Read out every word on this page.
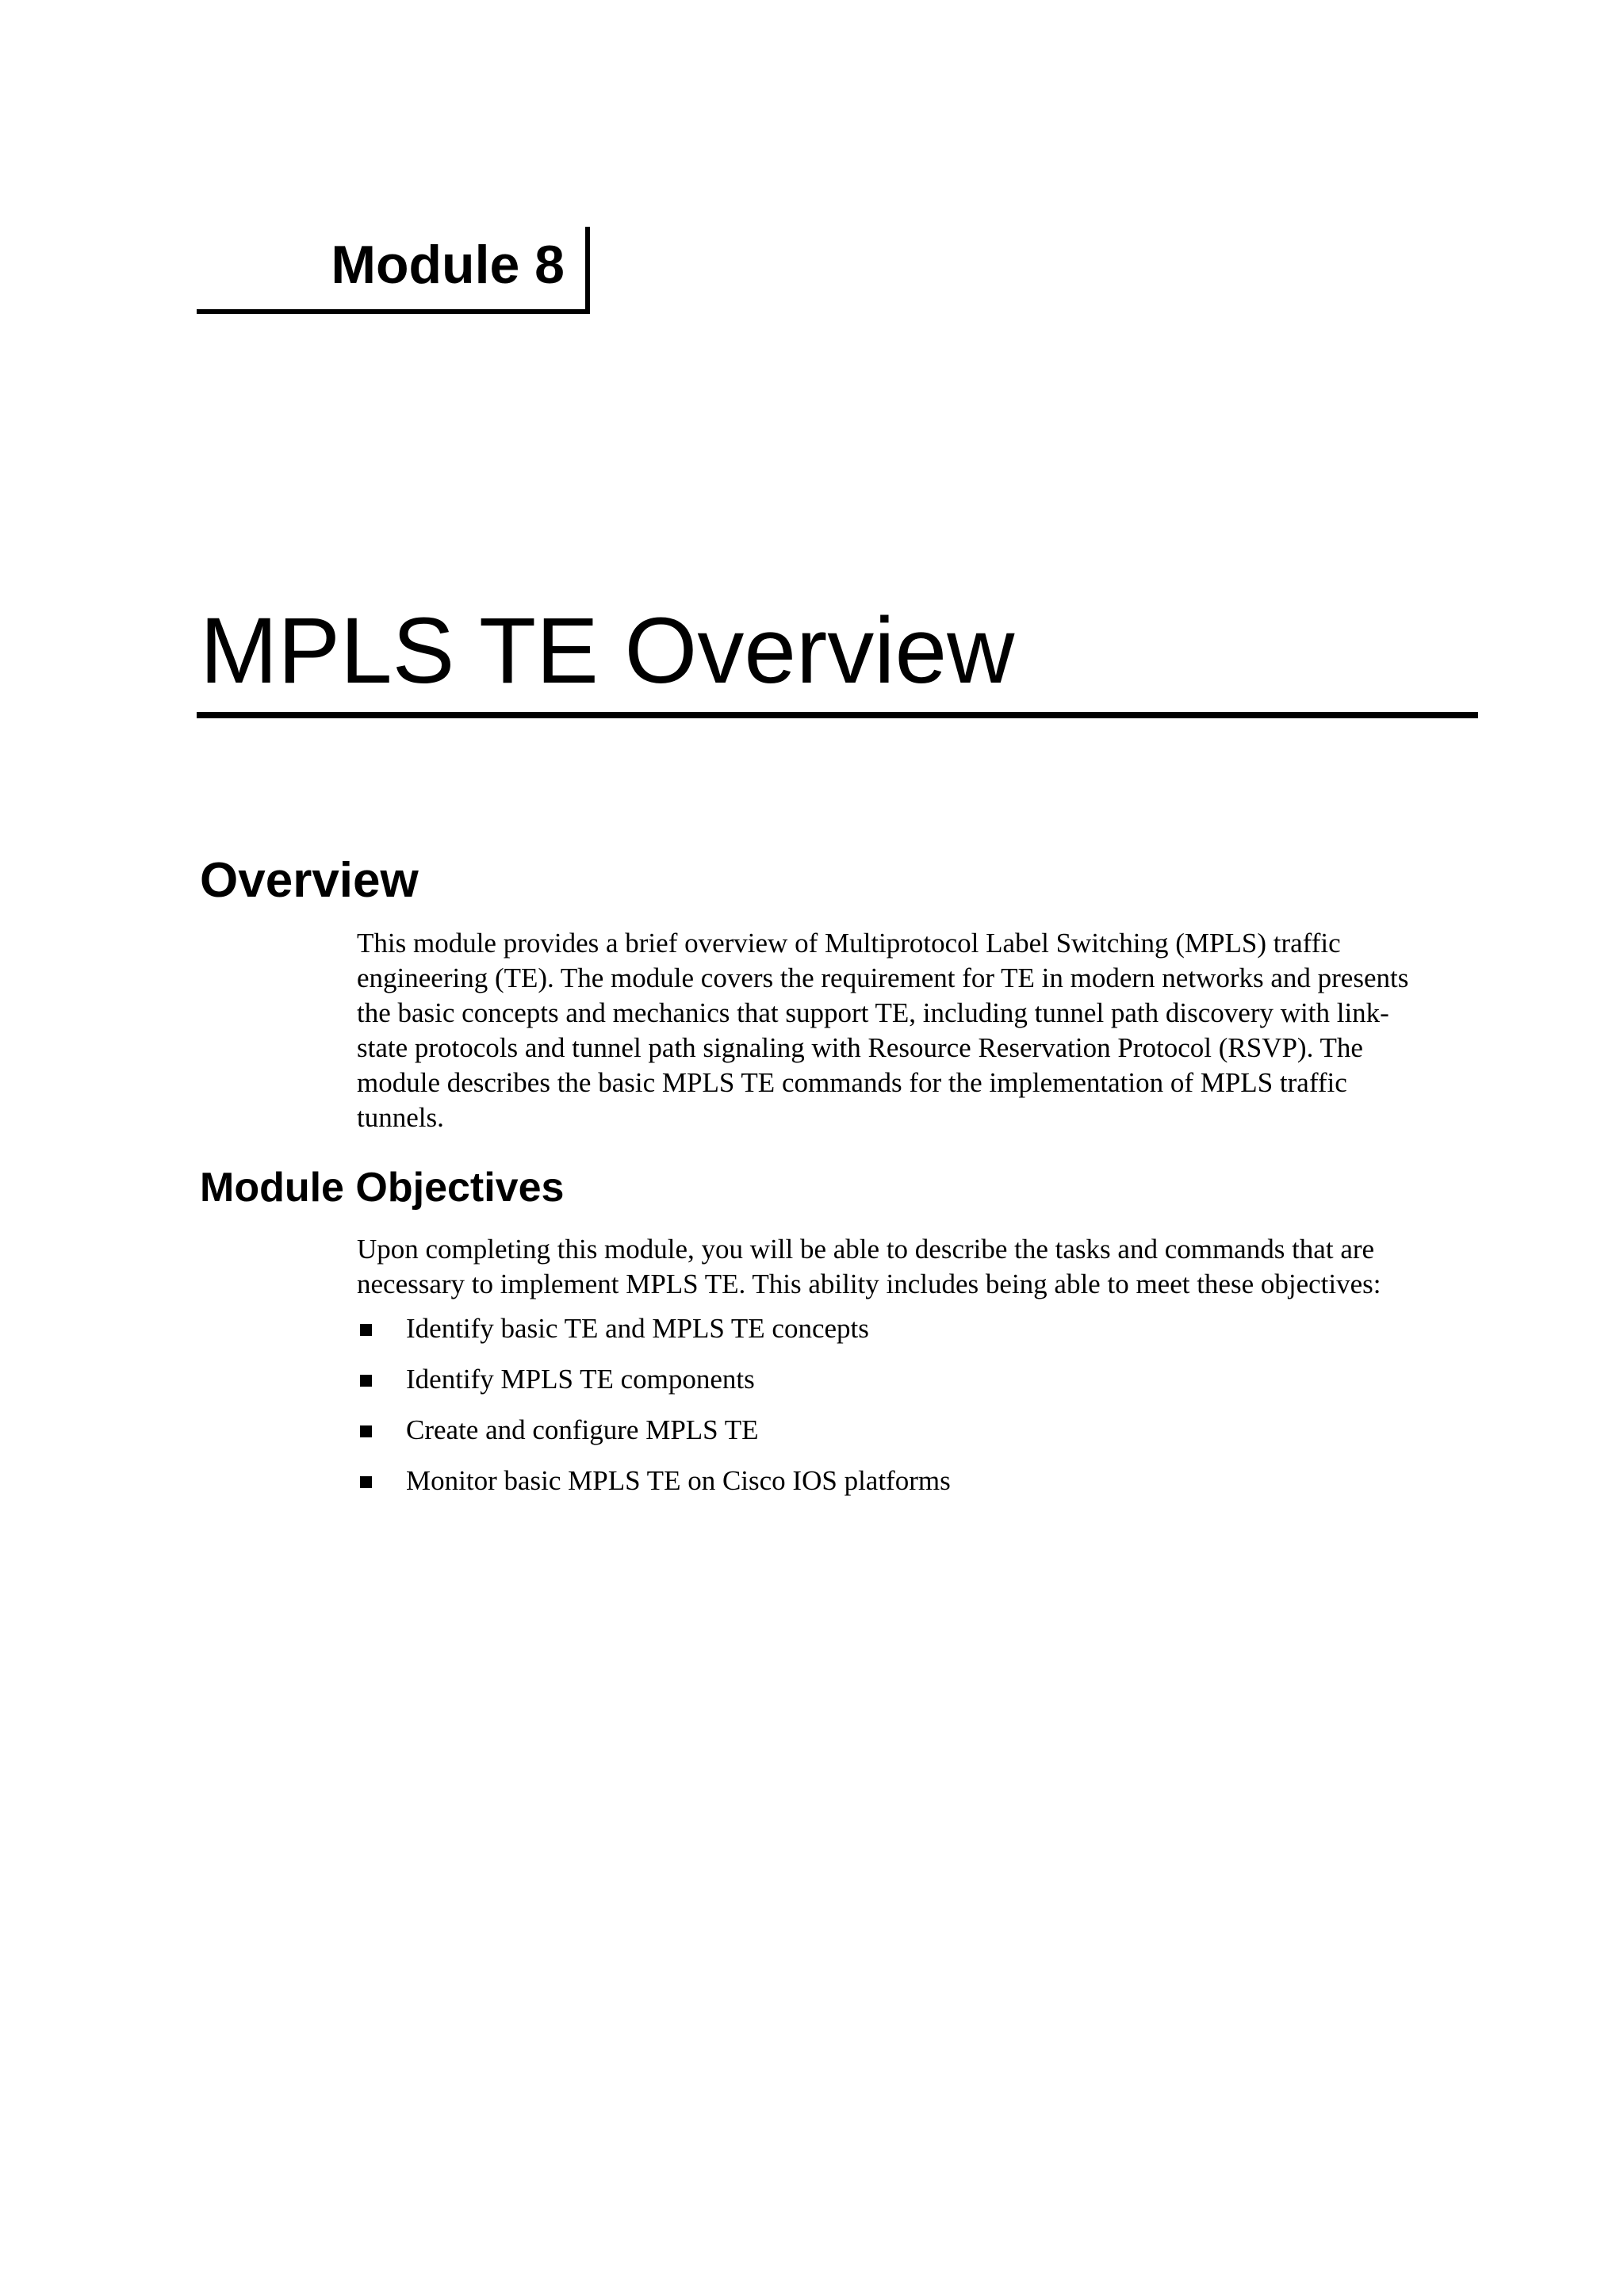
Module 8
MPLS TE Overview
Overview
This module provides a brief overview of Multiprotocol Label Switching (MPLS) traffic
engineering (TE). The module covers the requirement for TE in modern networks and presents
the basic concepts and mechanics that support TE, including tunnel path discovery with link-
state protocols and tunnel path signaling with Resource Reservation Protocol (RSVP). The
module describes the basic MPLS TE commands for the implementation of MPLS traffic
tunnels.
Module Objectives
Upon completing this module, you will be able to describe the tasks and commands that are
necessary to implement MPLS TE. This ability includes being able to meet these objectives:
Identify basic TE and MPLS TE concepts
Identify MPLS TE components
Create and configure MPLS TE
Monitor basic MPLS TE on Cisco IOS platforms
